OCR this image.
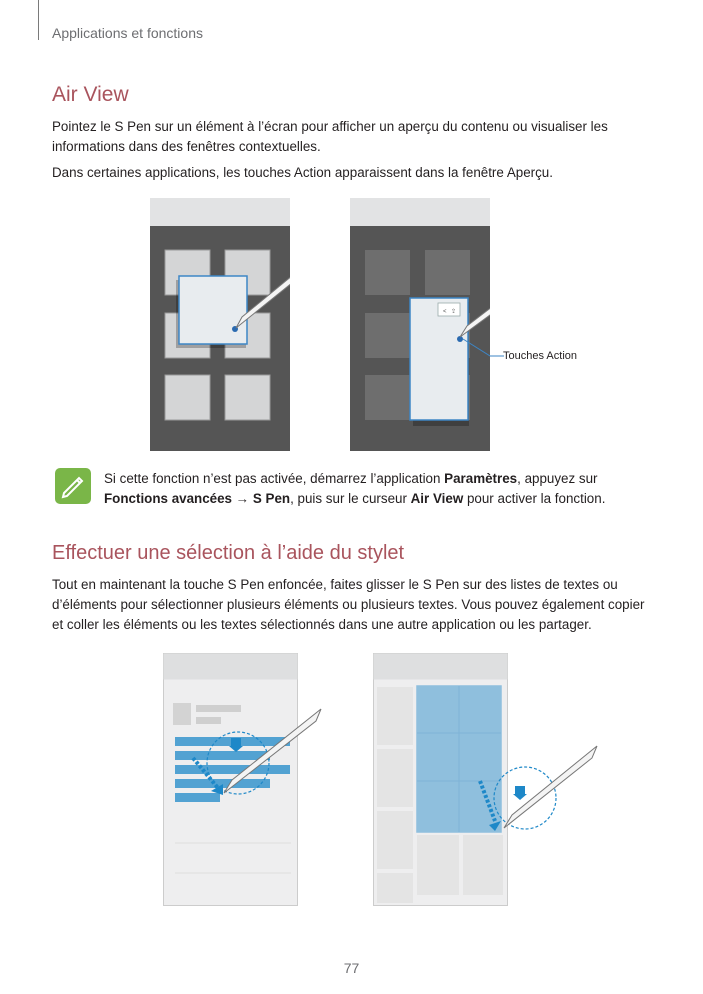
Applications et fonctions
Air View
Pointez le S Pen sur un élément à l’écran pour afficher un aperçu du contenu ou visualiser les informations dans des fenêtres contextuelles.
Dans certaines applications, les touches Action apparaissent dans la fenêtre Aperçu.
< ⇪
Touches Action
Si cette fonction n’est pas activée, démarrez l’application Paramètres, appuyez sur Fonctions avancées → S Pen, puis sur le curseur Air View pour activer la fonction.
Effectuer une sélection à l’aide du stylet
Tout en maintenant la touche S Pen enfoncée, faites glisser le S Pen sur des listes de textes ou d’éléments pour sélectionner plusieurs éléments ou plusieurs textes. Vous pouvez également copier et coller les éléments ou les textes sélectionnés dans une autre application ou les partager.
77
